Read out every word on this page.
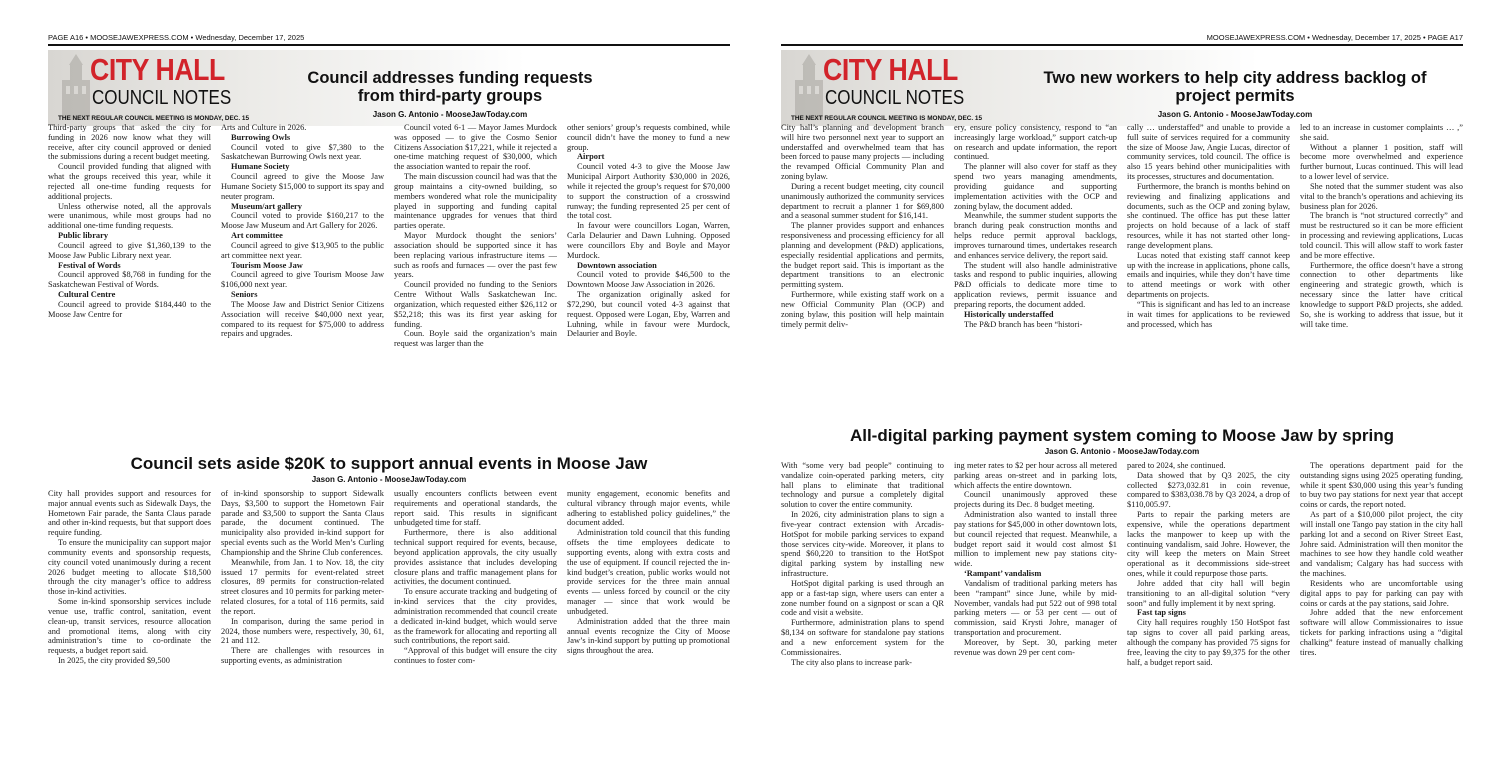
PAGE A16 • MOOSEJAWEXPRESS.COM • Wednesday, December 17, 2025
CITY HALL
COUNCIL NOTES
THE NEXT REGULAR COUNCIL MEETING IS MONDAY, DEC. 15
Council addresses funding requests from third-party groups
Jason G. Antonio - MooseJawToday.com

Third-party groups that asked the city for funding in 2026 now know what they will receive, after city council approved or denied the submissions during a recent budget meeting.

Council provided funding that aligned with what the groups received this year, while it rejected all one-time funding requests for additional projects.

Unless otherwise noted, all the approvals were unanimous, while most groups had no additional one-time funding requests.

Public library

Council agreed to give $1,360,139 to the Moose Jaw Public Library next year.

Festival of Words

Council approved $8,768 in funding for the Saskatchewan Festival of Words.

Cultural Centre

Council agreed to provide $184,440 to the Moose Jaw Centre for

Arts and Culture in 2026.

Burrowing Owls

Council voted to give $7,380 to the Saskatchewan Burrowing Owls next year.

Humane Society

Council agreed to give the Moose Jaw Humane Society $15,000 to support its spay and neuter program.

Museum/art gallery

Council voted to provide $160,217 to the Moose Jaw Museum and Art Gallery for 2026.

Art committee

Council agreed to give $13,905 to the public art committee next year.

Tourism Moose Jaw

Council agreed to give Tourism Moose Jaw $106,000 next year.

Seniors

The Moose Jaw and District Senior Citizens Association will receive $40,000 next year, compared to its request for $75,000 to address repairs and upgrades.

Council voted 6-1 — Mayor James Murdock was opposed — to give the Cosmo Senior Citizens Association $17,221, while it rejected a one-time matching request of $30,000, which the association wanted to repair the roof.

The main discussion council had was that the group maintains a city-owned building, so members wondered what role the municipality played in supporting and funding capital maintenance upgrades for venues that third parties operate.

Mayor Murdock thought the seniors’ association should be supported since it has been replacing various infrastructure items — such as roofs and furnaces — over the past few years.

Council provided no funding to the Seniors Centre Without Walls Saskatchewan Inc. organization, which requested either $26,112 or $52,218; this was its first year asking for funding.

Coun. Boyle said the organization’s main request was larger than the

other seniors’ group’s requests combined, while council didn’t have the money to fund a new group.

Airport

Council voted 4-3 to give the Moose Jaw Municipal Airport Authority $30,000 in 2026, while it rejected the group’s request for $70,000 to support the construction of a crosswind runway; the funding represented 25 per cent of the total cost.

In favour were councillors Logan, Warren, Carla Delaurier and Dawn Luhning. Opposed were councillors Eby and Boyle and Mayor Murdock.

Downtown association

Council voted to provide $46,500 to the Downtown Moose Jaw Association in 2026.

The organization originally asked for $72,290, but council voted 4-3 against that request. Opposed were Logan, Eby, Warren and Luhning, while in favour were Murdock, Delaurier and Boyle.

Council sets aside $20K to support annual events in Moose Jaw
Jason G. Antonio - MooseJawToday.com

City hall provides support and resources for major annual events such as Sidewalk Days, the Hometown Fair parade, the Santa Claus parade and other in-kind requests, but that support does require funding.

To ensure the municipality can support major community events and sponsorship requests, city council voted unanimously during a recent 2026 budget meeting to allocate $18,500 through the city manager’s office to address those in-kind activities.

Some in-kind sponsorship services include venue use, traffic control, sanitation, event clean-up, transit services, resource allocation and promotional items, along with city administration’s time to co-ordinate the requests, a budget report said.

In 2025, the city provided $9,500

of in-kind sponsorship to support Sidewalk Days, $3,500 to support the Hometown Fair parade and $3,500 to support the Santa Claus parade, the document continued. The municipality also provided in-kind support for special events such as the World Men’s Curling Championship and the Shrine Club conferences.

Meanwhile, from Jan. 1 to Nov. 18, the city issued 17 permits for event-related street closures, 89 permits for construction-related street closures and 10 permits for parking meter-related closures, for a total of 116 permits, said the report.

In comparison, during the same period in 2024, those numbers were, respectively, 30, 61, 21 and 112.

There are challenges with resources in supporting events, as administration

usually encounters conflicts between event requirements and operational standards, the report said. This results in significant unbudgeted time for staff.

Furthermore, there is also additional technical support required for events, because, beyond application approvals, the city usually provides assistance that includes developing closure plans and traffic management plans for activities, the document continued.

To ensure accurate tracking and budgeting of in-kind services that the city provides, administration recommended that council create a dedicated in-kind budget, which would serve as the framework for allocating and reporting all such contributions, the report said.

“Approval of this budget will ensure the city continues to foster com-

munity engagement, economic benefits and cultural vibrancy through major events, while adhering to established policy guidelines,” the document added.

Administration told council that this funding offsets the time employees dedicate to supporting events, along with extra costs and the use of equipment. If council rejected the in-kind budget’s creation, public works would not provide services for the three main annual events — unless forced by council or the city manager — since that work would be unbudgeted.

Administration added that the three main annual events recognize the City of Moose Jaw’s in-kind support by putting up promotional signs throughout the area.

MOOSEJAWEXPRESS.COM • Wednesday, December 17, 2025 • PAGE A17
CITY HALL
COUNCIL NOTES
THE NEXT REGULAR COUNCIL MEETING IS MONDAY, DEC. 15
Two new workers to help city address backlog of project permits
Jason G. Antonio - MooseJawToday.com

City hall’s planning and development branch will hire two personnel next year to support an understaffed and overwhelmed team that has been forced to pause many projects — including the revamped Official Community Plan and zoning bylaw.

During a recent budget meeting, city council unanimously authorized the community services department to recruit a planner 1 for $69,800 and a seasonal summer student for $16,141.

The planner provides support and enhances responsiveness and processing efficiency for all planning and development (P&D) applications, especially residential applications and permits, the budget report said. This is important as the department transitions to an electronic permitting system.

Furthermore, while existing staff work on a new Official Community Plan (OCP) and zoning bylaw, this position will help maintain timely permit deliv-

ery, ensure policy consistency, respond to “an increasingly large workload,” support catch-up on research and update information, the report continued.

The planner will also cover for staff as they spend two years managing amendments, providing guidance and supporting implementation activities with the OCP and zoning bylaw, the document added.

Meanwhile, the summer student supports the branch during peak construction months and helps reduce permit approval backlogs, improves turnaround times, undertakes research and enhances service delivery, the report said.

The student will also handle administrative tasks and respond to public inquiries, allowing P&D officials to dedicate more time to application reviews, permit issuance and preparing reports, the document added.

Historically understaffed

The P&D branch has been “histori-

cally … understaffed” and unable to provide a full suite of services required for a community the size of Moose Jaw, Angie Lucas, director of community services, told council. The office is also 15 years behind other municipalities with its processes, structures and documentation.

Furthermore, the branch is months behind on reviewing and finalizing applications and documents, such as the OCP and zoning bylaw, she continued. The office has put these latter projects on hold because of a lack of staff resources, while it has not started other long-range development plans.

Lucas noted that existing staff cannot keep up with the increase in applications, phone calls, emails and inquiries, while they don’t have time to attend meetings or work with other departments on projects.

“This is significant and has led to an increase in wait times for applications to be reviewed and processed, which has

led to an increase in customer complaints … ,” she said.

Without a planner 1 position, staff will become more overwhelmed and experience further burnout, Lucas continued. This will lead to a lower level of service.

She noted that the summer student was also vital to the branch’s operations and achieving its business plan for 2026.

The branch is “not structured correctly” and must be restructured so it can be more efficient in processing and reviewing applications, Lucas told council. This will allow staff to work faster and be more effective.

Furthermore, the office doesn’t have a strong connection to other departments like engineering and strategic growth, which is necessary since the latter have critical knowledge to support P&D projects, she added. So, she is working to address that issue, but it will take time.

All-digital parking payment system coming to Moose Jaw by spring
Jason G. Antonio - MooseJawToday.com

With “some very bad people” continuing to vandalize coin-operated parking meters, city hall plans to eliminate that traditional technology and pursue a completely digital solution to cover the entire community.

In 2026, city administration plans to sign a five-year contract extension with Arcadis-HotSpot for mobile parking services to expand those services city-wide. Moreover, it plans to spend $60,220 to transition to the HotSpot digital parking system by installing new infrastructure.

HotSpot digital parking is used through an app or a fast-tap sign, where users can enter a zone number found on a signpost or scan a QR code and visit a website.

Furthermore, administration plans to spend $8,134 on software for standalone pay stations and a new enforcement system for the Commissionaires.

The city also plans to increase park-

ing meter rates to $2 per hour across all metered parking areas on-street and in parking lots, which affects the entire downtown.

Council unanimously approved these projects during its Dec. 8 budget meeting.

Administration also wanted to install three pay stations for $45,000 in other downtown lots, but council rejected that request. Meanwhile, a budget report said it would cost almost $1 million to implement new pay stations city-wide.

‘Rampant’ vandalism

Vandalism of traditional parking meters has been “rampant” since June, while by mid-November, vandals had put 522 out of 998 total parking meters — or 53 per cent — out of commission, said Krysti Johre, manager of transportation and procurement.

Moreover, by Sept. 30, parking meter revenue was down 29 per cent com-

pared to 2024, she continued.

Data showed that by Q3 2025, the city collected $273,032.81 in coin revenue, compared to $383,038.78 by Q3 2024, a drop of $110,005.97.

Parts to repair the parking meters are expensive, while the operations department lacks the manpower to keep up with the continuing vandalism, said Johre. However, the city will keep the meters on Main Street operational as it decommissions side-street ones, while it could repurpose those parts.

Johre added that city hall will begin transitioning to an all-digital solution “very soon” and fully implement it by next spring.

Fast tap signs

City hall requires roughly 150 HotSpot fast tap signs to cover all paid parking areas, although the company has provided 75 signs for free, leaving the city to pay $9,375 for the other half, a budget report said.

The operations department paid for the outstanding signs using 2025 operating funding, while it spent $30,000 using this year’s funding to buy two pay stations for next year that accept coins or cards, the report noted.

As part of a $10,000 pilot project, the city will install one Tango pay station in the city hall parking lot and a second on River Street East, Johre said. Administration will then monitor the machines to see how they handle cold weather and vandalism; Calgary has had success with the machines.

Residents who are uncomfortable using digital apps to pay for parking can pay with coins or cards at the pay stations, said Johre.

Johre added that the new enforcement software will allow Commissionaires to issue tickets for parking infractions using a “digital chalking” feature instead of manually chalking tires.
